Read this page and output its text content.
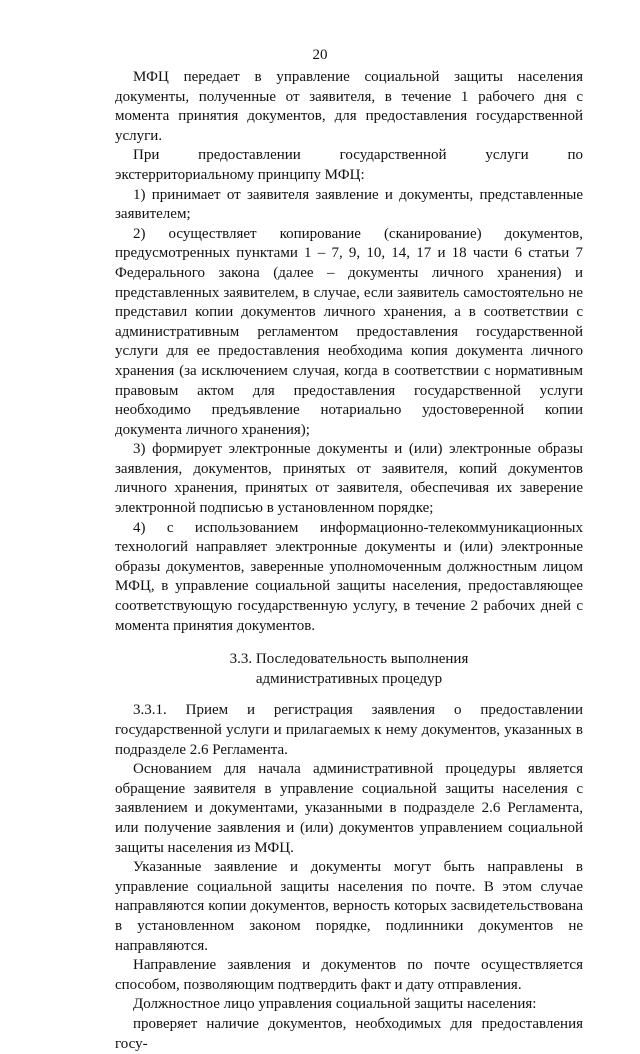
20

МФЦ передает в управление социальной защиты населения документы, полученные от заявителя, в течение 1 рабочего дня с момента принятия документов, для предоставления государственной услуги.

При предоставлении государственной услуги по экстерриториальному принципу МФЦ:

1) принимает от заявителя заявление и документы, представленные заявителем;

2) осуществляет копирование (сканирование) документов, предусмотренных пунктами 1 – 7, 9, 10, 14, 17 и 18 части 6 статьи 7 Федерального закона (далее – документы личного хранения) и представленных заявителем, в случае, если заявитель самостоятельно не представил копии документов личного хранения, а в соответствии с административным регламентом предоставления государственной услуги для ее предоставления необходима копия документа личного хранения (за исключением случая, когда в соответствии с нормативным правовым актом для предоставления государственной услуги необходимо предъявление нотариально удостоверенной копии документа личного хранения);

3) формирует электронные документы и (или) электронные образы заявления, документов, принятых от заявителя, копий документов личного хранения, принятых от заявителя, обеспечивая их заверение электронной подписью в установленном порядке;

4) с использованием информационно-телекоммуникационных технологий направляет электронные документы и (или) электронные образы документов, заверенные уполномоченным должностным лицом МФЦ, в управление социальной защиты населения, предоставляющее соответствующую государственную услугу, в течение 2 рабочих дней с момента принятия документов.

3.3. Последовательность выполнения
административных процедур

3.3.1. Прием и регистрация заявления о предоставлении государственной услуги и прилагаемых к нему документов, указанных в подразделе 2.6 Регламента.

Основанием для начала административной процедуры является обращение заявителя в управление социальной защиты населения с заявлением и документами, указанными в подразделе 2.6 Регламента, или получение заявления и (или) документов управлением социальной защиты населения из МФЦ.

Указанные заявление и документы могут быть направлены в управление социальной защиты населения по почте. В этом случае направляются копии документов, верность которых засвидетельствована в установленном законом порядке, подлинники документов не направляются.

Направление заявления и документов по почте осуществляется способом, позволяющим подтвердить факт и дату отправления.

Должностное лицо управления социальной защиты населения:

проверяет наличие документов, необходимых для предоставления госу-
